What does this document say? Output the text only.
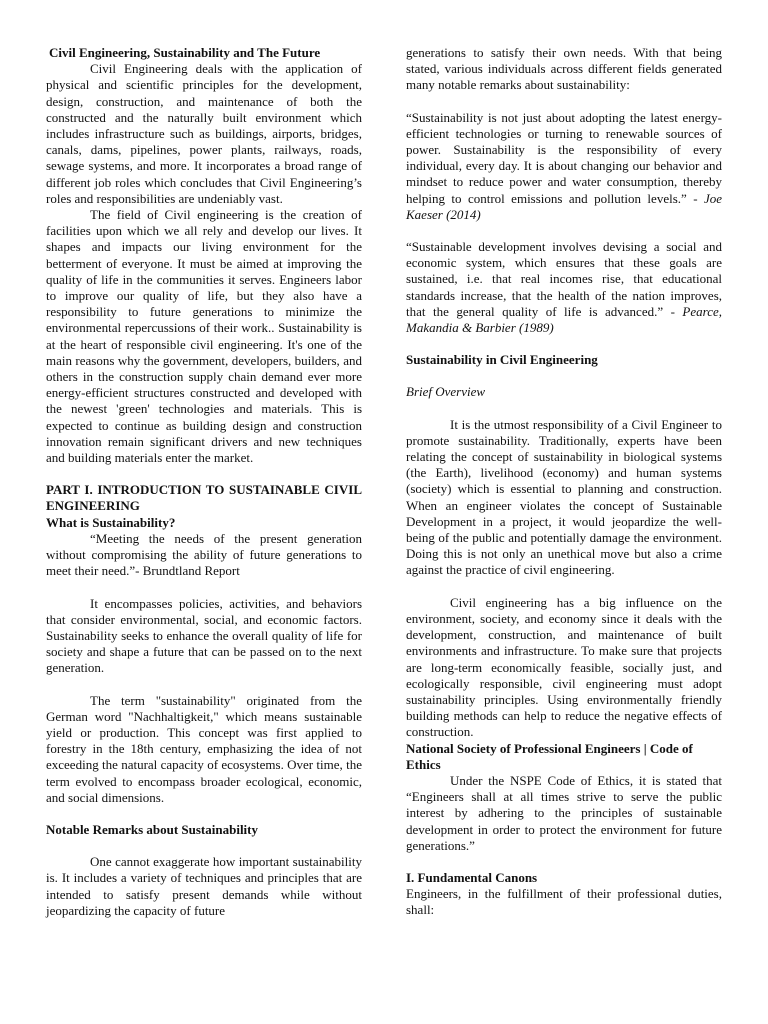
Civil Engineering, Sustainability and The Future

Civil Engineering deals with the application of physical and scientific principles for the development, design, construction, and maintenance of both the constructed and the naturally built environment which includes infrastructure such as buildings, airports, bridges, canals, dams, pipelines, power plants, railways, roads, sewage systems, and more. It incorporates a broad range of different job roles which concludes that Civil Engineering’s roles and responsibilities are undeniably vast.

The field of Civil engineering is the creation of facilities upon which we all rely and develop our lives. It shapes and impacts our living environment for the betterment of everyone. It must be aimed at improving the quality of life in the communities it serves. Engineers labor to improve our quality of life, but they also have a responsibility to future generations to minimize the environmental repercussions of their work.. Sustainability is at the heart of responsible civil engineering. It's one of the main reasons why the government, developers, builders, and others in the construction supply chain demand ever more energy-efficient structures constructed and developed with the newest 'green' technologies and materials. This is expected to continue as building design and construction innovation remain significant drivers and new techniques and building materials enter the market.

PART I. INTRODUCTION TO SUSTAINABLE CIVIL ENGINEERING

What is Sustainability?

“Meeting the needs of the present generation without compromising the ability of future generations to meet their need.”- Brundtland Report

It encompasses policies, activities, and behaviors that consider environmental, social, and economic factors. Sustainability seeks to enhance the overall quality of life for society and shape a future that can be passed on to the next generation.

The term "sustainability" originated from the German word "Nachhaltigkeit," which means sustainable yield or production. This concept was first applied to forestry in the 18th century, emphasizing the idea of not exceeding the natural capacity of ecosystems. Over time, the term evolved to encompass broader ecological, economic, and social dimensions.

Notable Remarks about Sustainability

One cannot exaggerate how important sustainability is. It includes a variety of techniques and principles that are intended to satisfy present demands while without jeopardizing the capacity of future

generations to satisfy their own needs. With that being stated, various individuals across different fields generated many notable remarks about sustainability:

“Sustainability is not just about adopting the latest energy-efficient technologies or turning to renewable sources of power. Sustainability is the responsibility of every individual, every day. It is about changing our behavior and mindset to reduce power and water consumption, thereby helping to control emissions and pollution levels.” - Joe Kaeser (2014)

“Sustainable development involves devising a social and economic system, which ensures that these goals are sustained, i.e. that real incomes rise, that educational standards increase, that the health of the nation improves, that the general quality of life is advanced.” - Pearce, Makandia & Barbier (1989)

Sustainability in Civil Engineering

Brief Overview

It is the utmost responsibility of a Civil Engineer to promote sustainability. Traditionally, experts have been relating the concept of sustainability in biological systems (the Earth), livelihood (economy) and human systems (society) which is essential to planning and construction. When an engineer violates the concept of Sustainable Development in a project, it would jeopardize the well-being of the public and potentially damage the environment. Doing this is not only an unethical move but also a crime against the practice of civil engineering.

Civil engineering has a big influence on the environment, society, and economy since it deals with the development, construction, and maintenance of built environments and infrastructure. To make sure that projects are long-term economically feasible, socially just, and ecologically responsible, civil engineering must adopt sustainability principles. Using environmentally friendly building methods can help to reduce the negative effects of construction.

National Society of Professional Engineers | Code of Ethics

Under the NSPE Code of Ethics, it is stated that “Engineers shall at all times strive to serve the public interest by adhering to the principles of sustainable development in order to protect the environment for future generations.”

I. Fundamental Canons

Engineers, in the fulfillment of their professional duties, shall:
